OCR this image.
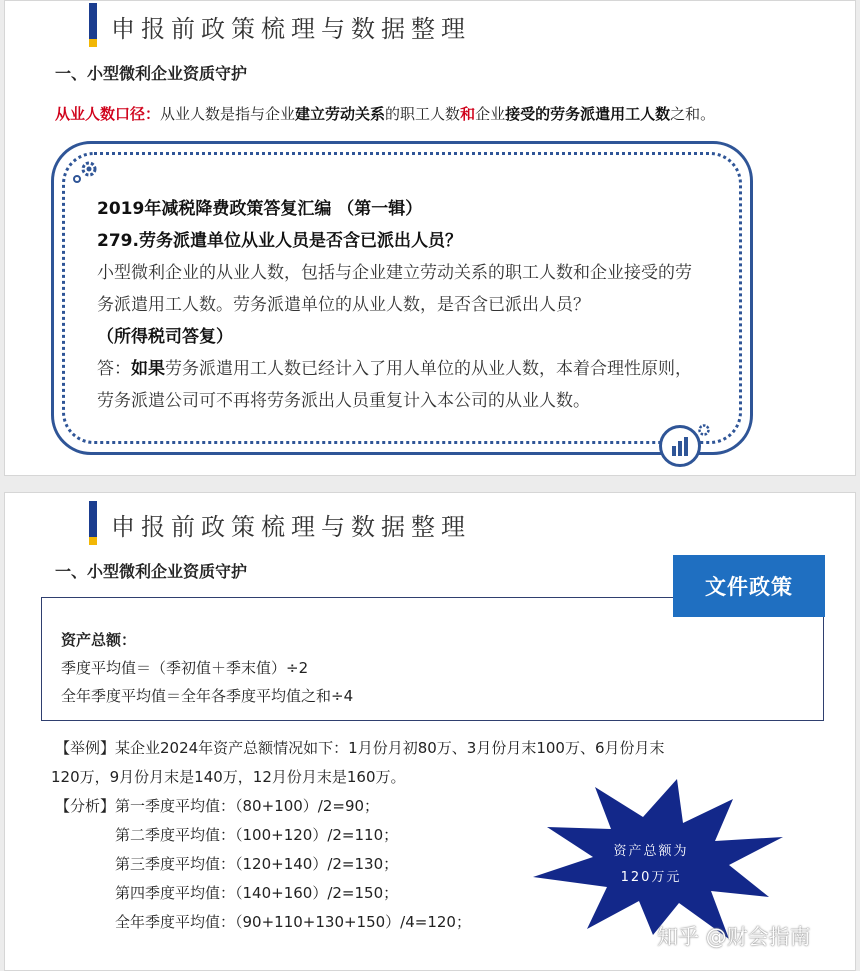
申报前政策梳理与数据整理
一、小型微利企业资质守护
从业人数口径：从业人数是指与企业建立劳动关系的职工人数和企业接受的劳务派遣用工人数之和。
2019年减税降费政策答复汇编 （第一辑）
279.劳务派遣单位从业人员是否含已派出人员？
小型微利企业的从业人数，包括与企业建立劳动关系的职工人数和企业接受的劳
务派遣用工人数。劳务派遣单位的从业人数，是否含已派出人员？
（所得税司答复）
答：如果劳务派遣用工人数已经计入了用人单位的从业人数，本着合理性原则，
劳务派遣公司可不再将劳务派出人员重复计入本公司的从业人数。
申报前政策梳理与数据整理
一、小型微利企业资质守护
文件政策
资产总额：
季度平均值＝（季初值＋季末值）÷2
全年季度平均值＝全年各季度平均值之和÷4
【举例】某企业2024年资产总额情况如下：1月份月初80万、3月份月末100万、6月份月末
120万，9月份月末是140万，12月份月末是160万。
【分析】第一季度平均值：（80+100）/2=90；
第二季度平均值：（100+120）/2=110；
第三季度平均值：（120+140）/2=130；
第四季度平均值：（140+160）/2=150；
全年季度平均值：（90+110+130+150）/4=120；
资产总额为
120万元
知乎 @财会指南
